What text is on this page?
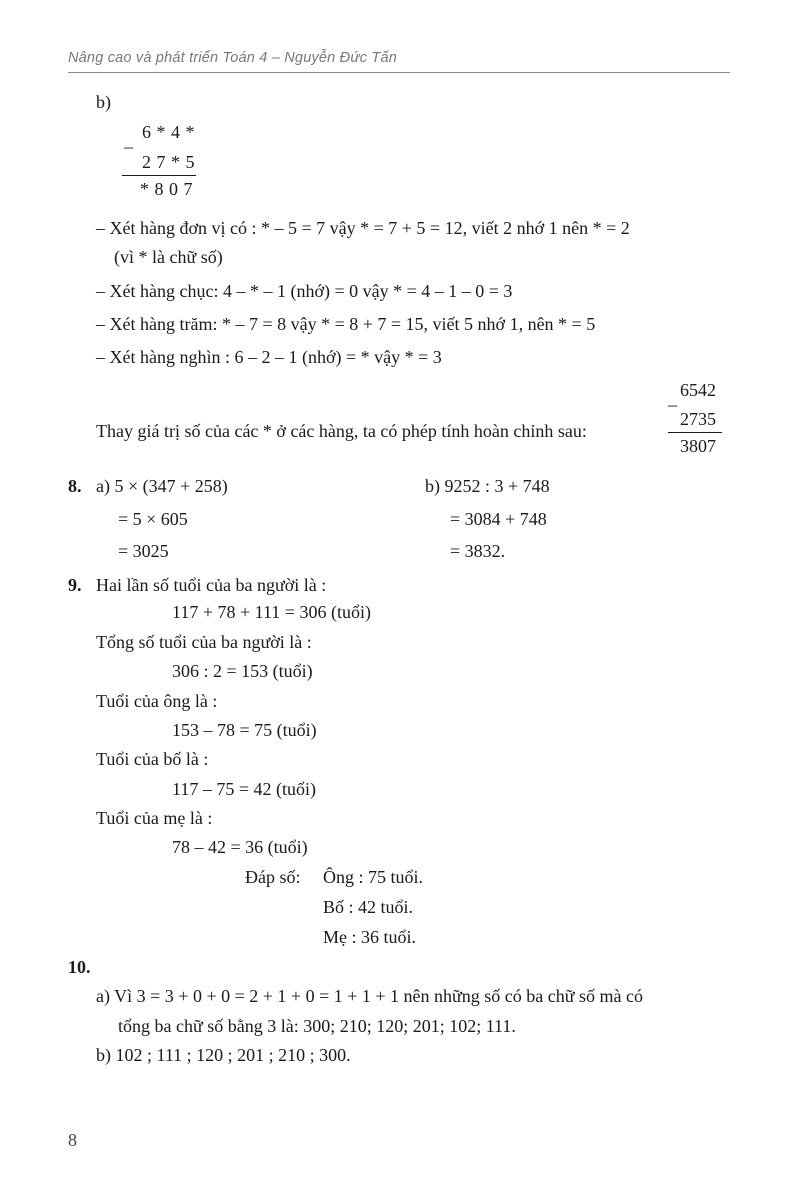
Nâng cao và phát triển Toán 4 – Nguyễn Đức Tấn
b)
_ 6 * 4 *
2 7 * 5
* 8 0 7
– Xét hàng đơn vị có : * – 5 = 7 vậy * = 7 + 5 = 12, viết 2 nhớ 1 nên * = 2
(vì * là chữ số)
– Xét hàng chục: 4 – * – 1 (nhớ) = 0 vậy * = 4 – 1 – 0 = 3
– Xét hàng trăm: * – 7 = 8 vậy * = 8 + 7 = 15, viết 5 nhớ 1, nên * = 5
– Xét hàng nghìn : 6 – 2 – 1 (nhớ) = * vậy * = 3
Thay giá trị số của các * ở các hàng, ta có phép tính hoàn chỉnh sau:
_ 6542
2735
3807
8. a) 5 × (347 + 258)
= 5 × 605
= 3025
b) 9252 : 3 + 748
= 3084 + 748
= 3832.
9. Hai lần số tuổi của ba người là :
117 + 78 + 111 = 306 (tuổi)
Tổng số tuổi của ba người là :
306 : 2 = 153 (tuổi)
Tuổi của ông là :
153 – 78 = 75 (tuổi)
Tuổi của bố là :
117 – 75 = 42 (tuổi)
Tuổi của mẹ là :
78 – 42 = 36 (tuổi)
Đáp số: Ông : 75 tuổi.
Bố : 42 tuổi.
Mẹ : 36 tuổi.
10.
a) Vì 3 = 3 + 0 + 0 = 2 + 1 + 0 = 1 + 1 + 1 nên những số có ba chữ số mà có
tổng ba chữ số bằng 3 là: 300; 210; 120; 201; 102; 111.
b) 102 ; 111 ; 120 ; 201 ; 210 ; 300.
8
